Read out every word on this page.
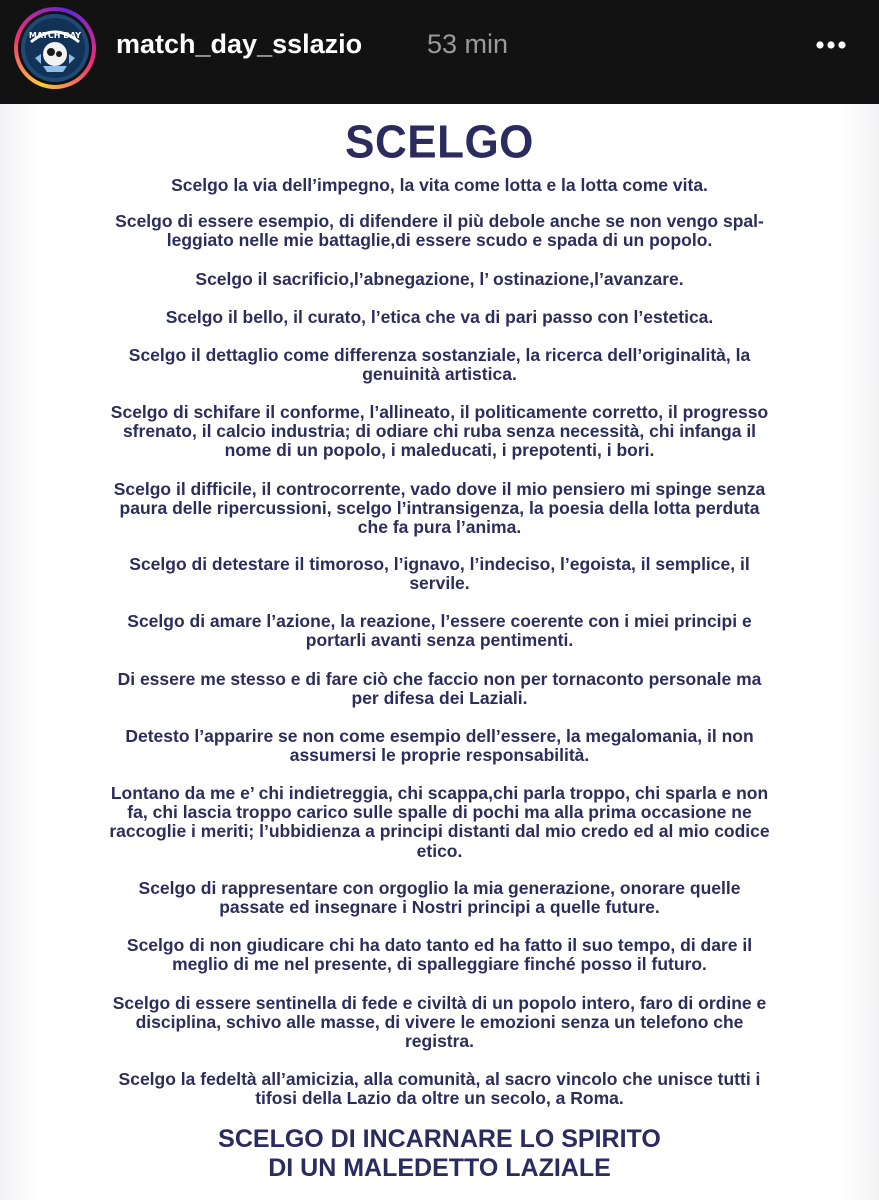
MATCH DAY match_day_sslazio 53 min
SCELGO

Scelgo la via dell’impegno, la vita come lotta e la lotta come vita.

Scelgo di essere esempio, di difendere il più debole anche se non vengo spal-
leggiato nelle mie battaglie,di essere scudo e spada di un popolo.

Scelgo il sacrificio,l’abnegazione, l’ ostinazione,l’avanzare.

Scelgo il bello, il curato, l’etica che va di pari passo con l’estetica.

Scelgo il dettaglio come differenza sostanziale, la ricerca dell’originalità, la
genuinità artistica.

Scelgo di schifare il conforme, l’allineato, il politicamente corretto, il progresso
sfrenato, il calcio industria; di odiare chi ruba senza necessità, chi infanga il
nome di un popolo, i maleducati, i prepotenti, i bori.

Scelgo il difficile, il controcorrente, vado dove il mio pensiero mi spinge senza
paura delle ripercussioni, scelgo l’intransigenza, la poesia della lotta perduta
che fa pura l’anima.

Scelgo di detestare il timoroso, l’ignavo, l’indeciso, l’egoista, il semplice, il
servile.

Scelgo di amare l’azione, la reazione, l’essere coerente con i miei principi e
portarli avanti senza pentimenti.

Di essere me stesso e di fare ciò che faccio non per tornaconto personale ma
per difesa dei Laziali.

Detesto l’apparire se non come esempio dell’essere, la megalomania, il non
assumersi le proprie responsabilità.

Lontano da me e’ chi indietreggia, chi scappa,chi parla troppo, chi sparla e non
fa, chi lascia troppo carico sulle spalle di pochi ma alla prima occasione ne
raccoglie i meriti; l’ubbidienza a principi distanti dal mio credo ed al mio codice
etico.

Scelgo di rappresentare con orgoglio la mia generazione, onorare quelle
passate ed insegnare i Nostri principi a quelle future.

Scelgo di non giudicare chi ha dato tanto ed ha fatto il suo tempo, di dare il
meglio di me nel presente, di spalleggiare finché posso il futuro.

Scelgo di essere sentinella di fede e civiltà di un popolo intero, faro di ordine e
disciplina, schivo alle masse, di vivere le emozioni senza un telefono che
registra.

Scelgo la fedeltà all’amicizia, alla comunità, al sacro vincolo che unisce tutti i
tifosi della Lazio da oltre un secolo, a Roma.

SCELGO DI INCARNARE LO SPIRITO
DI UN MALEDETTO LAZIALE
